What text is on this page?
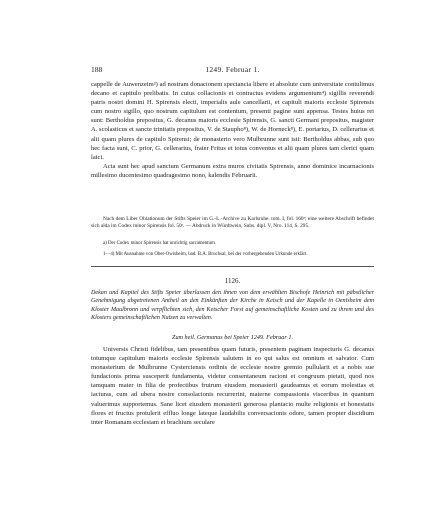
188	1249. Februar 1.

cappelle de Auwenzeim²) ad nostram donacionem spectancia libere et absolute cum universitate contulimus decano et capitulo prelibatis. In cuius collacionis et contractus evidens argumentum⁴) sigillis reverendi patris nostri domini H. Spirensis electi, imperialis aule cancellarii, et capituli maioris ecclesie Spirensis cum nostro sigillo, quo nostrum capitulum est contentum, presenti pagine sunt appensa. Testes huius rei sunt: Bertholdus prepositus, G. decanus maioris ecclesie Spirensis, G. sancti Germani prepositus, magister A. scolasticus et sancte trinitatis prepositus, V. de Staupho⁸), W. de Horneck⁸), E. portarius, D. cellerarius et alii quam plures de capitulo Spirensi; de monasterio vero Mulbrunne sunt isti: Bertholdus abbas, sub quo hec facta sunt, C. prior, G. cellerarius, frater Fritus et totus conventus et alii quam plures tam clerici quam laici.

Acta sunt hec apud sanctum Germanum extra muros civitatis Spirensis, anno dominice incarnacionis millesimo ducentesimo quadragesimo nono, kalendis Februarii.

Nach dem Liber Oblationum der Stifts Speier im G.-L.-Archive zu Karlsruhe. tom. I, fol. 160ᵃ; eine weitere Abschrift befindet sich alda im Codex minor Spirensis fol. 50ᵃ. — Abdruck in Würdtwein, Subs. dipl. V, Nro. 114, S. 295.

a) Der Codex minor Spirensis hat unrichtig sacramentum.

1—4) Mit Ausnahme von Ober-Owisheim, bad. B.A. Bruchsal, bei der vorhergehenden Urkunde erklärt.

1126.
Dekan und Kapitel des Stifts Speier überlassen den ihnen von dem erwählten Bischofe Heinrich mit päbstlicher Genehmigung abgetretenen Antheil an den Einkünften der Kirche in Ketsch und der Kapelle in Oenisheim dem Kloster Maulbronn und verpflichten sich, den Ketscher Forst auf gemeinschaftliche Kosten und zu ihrem und des Klosters gemeinschaftlichen Nutzen zu verwalten.
Zum heil. Germanus bei Speier 1249. Februar 1.

Universis Christi fidelibus, tam presentibus quam futuris, presentem paginam inspecturis G. decanus totumque capitulum maioris ecclesie Spirensis salutem in eo qui salus est omnium et salvator. Cum monasterium de Mulbrunne Cysterciensis ordinis de ecclesie nostre gremio pullularit et a nobis sue fundacionis prima susceperit fundamenta, videtur consentaneum racioni et congruum pietati, quod nos tamquam mater in filia de profectibus fruirum eiusdem monasterii gaudeamus et eorum molestias et iacturas, cum ad ubera nostre consolacionis recurrerint, materne compassionis visceribus in quantum valuerimus supportemus. Sane licet eiusdem monasterii generosa plantacio multe religionis et honestatis flores et fructus protulerit effluo longe lateque laudabilis conversacionis odore, tamen propter discidium inter Romanam ecclesiam et brachium seculare
